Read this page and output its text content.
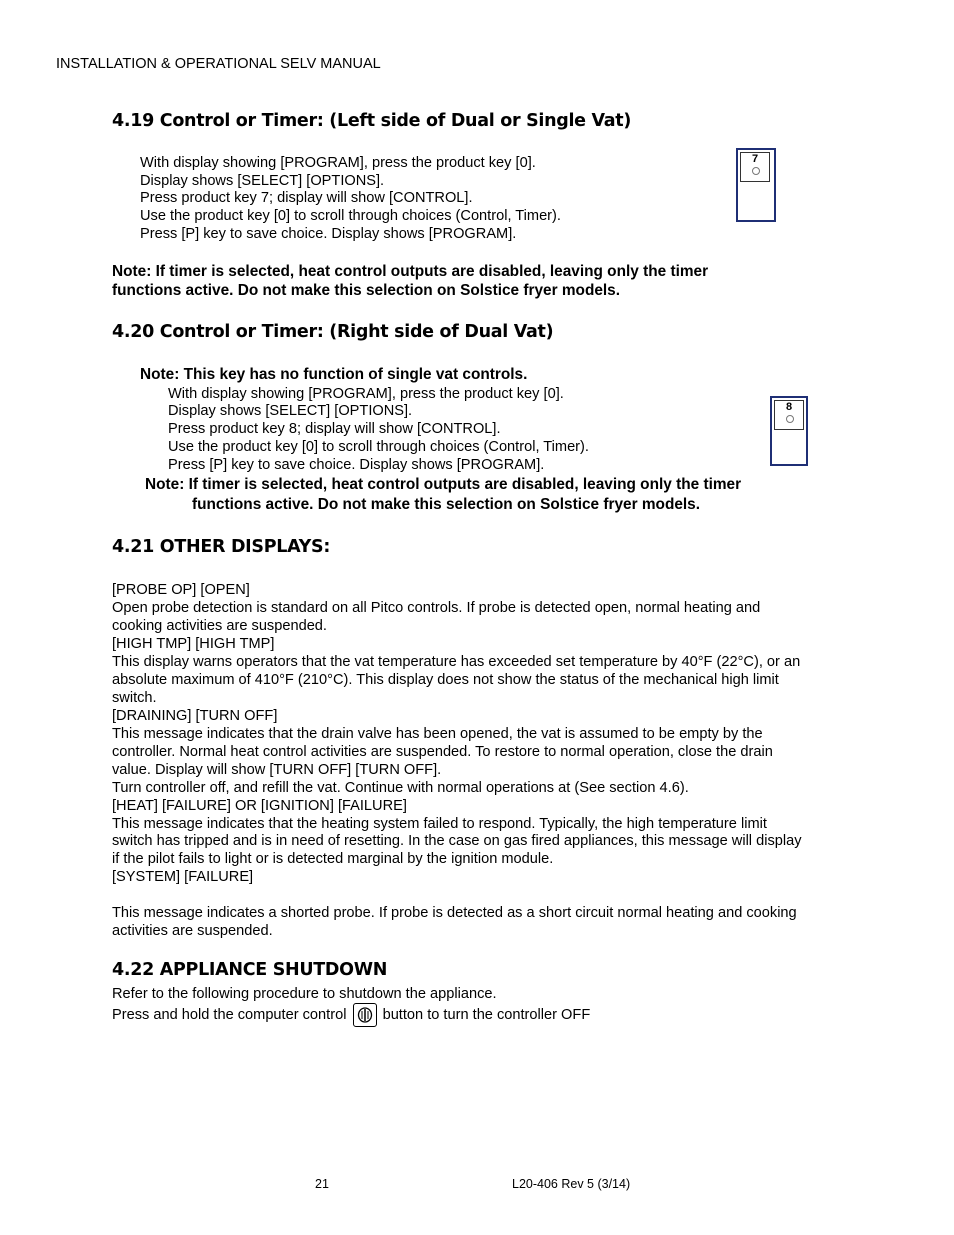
INSTALLATION & OPERATIONAL SELV MANUAL
4.19 Control or Timer: (Left side of Dual or Single Vat)
With display showing [PROGRAM], press the product key [0].
Display shows [SELECT] [OPTIONS].
Press product key 7; display will show [CONTROL].
Use the product key [0] to scroll through choices (Control, Timer).
Press [P] key to save choice. Display shows [PROGRAM].
7
Note: If timer is selected, heat control outputs are disabled, leaving only the timer
functions active. Do not make this selection on Solstice fryer models.
4.20 Control or Timer: (Right side of Dual Vat)
Note: This key has no function of single vat controls.
With display showing [PROGRAM], press the product key [0].
Display shows [SELECT] [OPTIONS].
Press product key 8; display will show [CONTROL].
Use the product key [0] to scroll through choices (Control, Timer).
Press [P] key to save choice. Display shows [PROGRAM].
8
Note: If timer is selected, heat control outputs are disabled, leaving only the timer
functions active. Do not make this selection on Solstice fryer models.
4.21 OTHER DISPLAYS:
[PROBE OP] [OPEN]
Open probe detection is standard on all Pitco controls. If probe is detected open, normal heating and
cooking activities are suspended.
[HIGH TMP] [HIGH TMP]
This display warns operators that the vat temperature has exceeded set temperature by 40°F (22°C), or an
absolute maximum of 410°F (210°C). This display does not show the status of the mechanical high limit
switch.
[DRAINING] [TURN OFF]
This message indicates that the drain valve has been opened, the vat is assumed to be empty by the
controller. Normal heat control activities are suspended. To restore to normal operation, close the drain
value. Display will show [TURN OFF] [TURN OFF].
Turn controller off, and refill the vat. Continue with normal operations at (See section 4.6).
[HEAT] [FAILURE] OR [IGNITION] [FAILURE]
This message indicates that the heating system failed to respond. Typically, the high temperature limit
switch has tripped and is in need of resetting. In the case on gas fired appliances, this message will display
if the pilot fails to light or is detected marginal by the ignition module.
[SYSTEM] [FAILURE]
This message indicates a shorted probe. If probe is detected as a short circuit normal heating and cooking
activities are suspended.
4.22 APPLIANCE SHUTDOWN
Refer to the following procedure to shutdown the appliance.
Press and hold the computer control button to turn the controller OFF
21	L20-406 Rev 5 (3/14)
